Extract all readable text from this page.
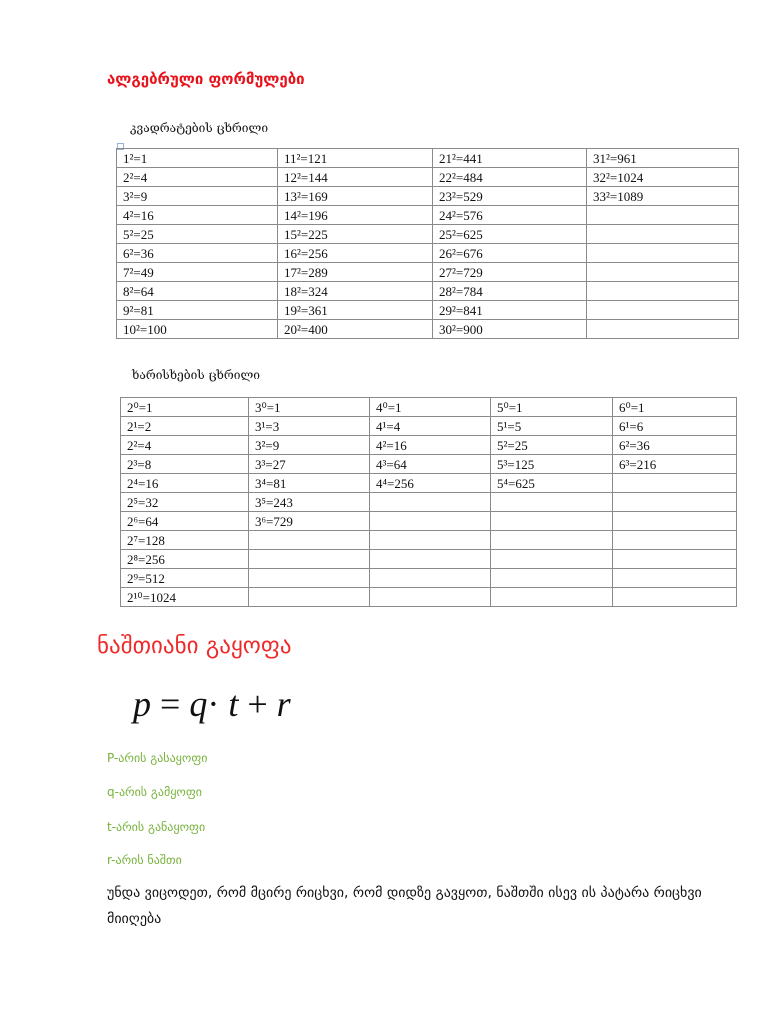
ალგებრული ფორმულები
კვადრატების ცხრილი
1²=1	11²=121	21²=441	31²=961
2²=4	12²=144	22²=484	32²=1024
3²=9	13²=169	23²=529	33²=1089
4²=16	14²=196	24²=576	
5²=25	15²=225	25²=625	
6²=36	16²=256	26²=676	
7²=49	17²=289	27²=729	
8²=64	18²=324	28²=784	
9²=81	19²=361	29²=841	
10²=100	20²=400	30²=900	
ხარისხების ცხრილი
2⁰=1	3⁰=1	4⁰=1	5⁰=1	6⁰=1
2¹=2	3¹=3	4¹=4	5¹=5	6¹=6
2²=4	3²=9	4²=16	5²=25	6²=36
2³=8	3³=27	4³=64	5³=125	6³=216
2⁴=16	3⁴=81	4⁴=256	5⁴=625	
2⁵=32	3⁵=243			
2⁶=64	3⁶=729			
2⁷=128				
2⁸=256				
2⁹=512				
2¹⁰=1024				
ნაშთიანი გაყოფა
p = q· t + r
P-არის გასაყოფი
q-არის გამყოფი
t-არის განაყოფი
r-არის ნაშთი
უნდა ვიცოდეთ, რომ მცირე რიცხვი, რომ დიდზე გავყოთ, ნაშთში ისევ ის პატარა რიცხვი მიიღება
